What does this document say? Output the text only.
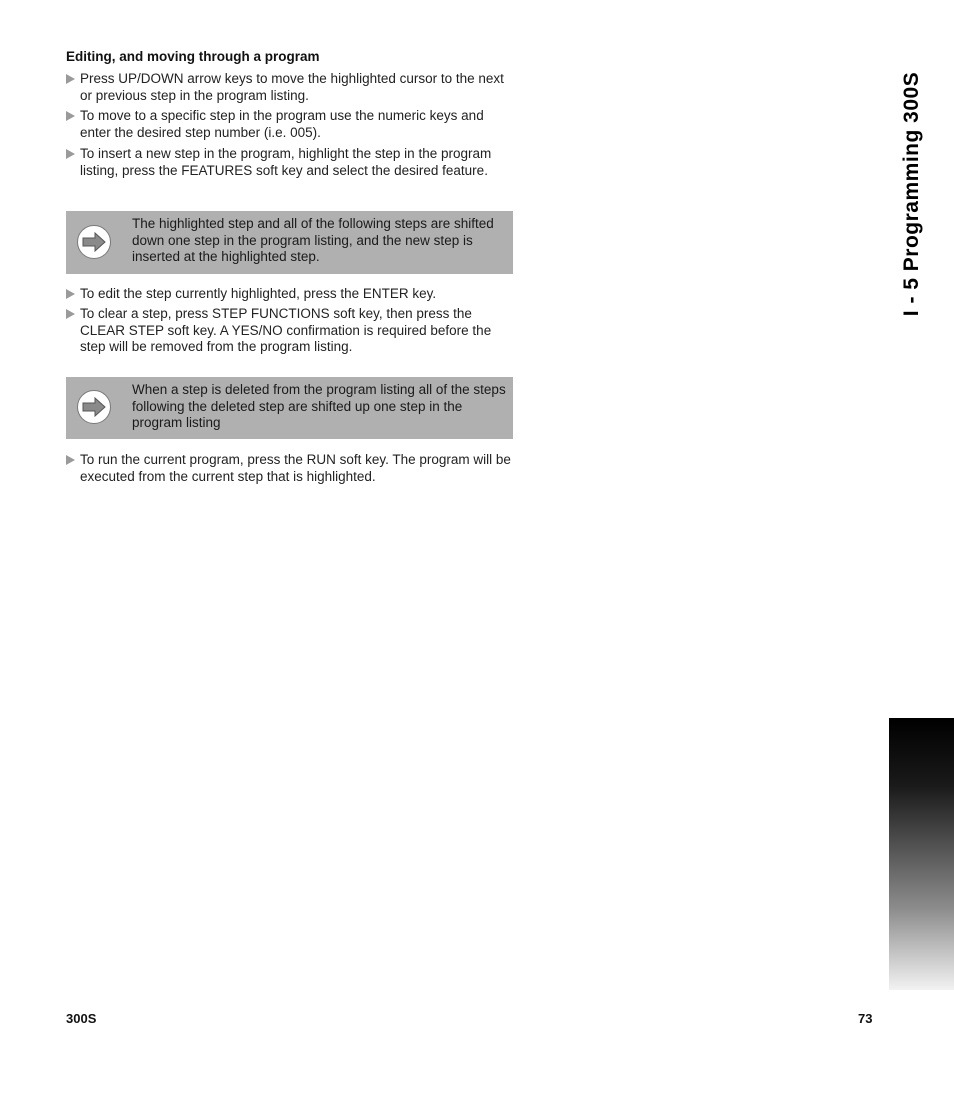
Editing, and moving through a program
Press UP/DOWN arrow keys to move the highlighted cursor to the next or previous step in the program listing.
To move to a specific step in the program use the numeric keys and enter the desired step number (i.e. 005).
To insert a new step in the program, highlight the step in the program listing, press the FEATURES soft key and select the desired feature.
The highlighted step and all of the following steps are shifted down one step in the program listing, and the new step is inserted at the highlighted step.
To edit the step currently highlighted, press the ENTER key.
To clear a step, press STEP FUNCTIONS soft key, then press the CLEAR STEP soft key. A YES/NO confirmation is required before the step will be removed from the program listing.
When a step is deleted from the program listing all of the steps following the deleted step are shifted up one step in the program listing
To run the current program, press the RUN soft key. The program will be executed from the current step that is highlighted.
I - 5 Programming 300S
300S	73
